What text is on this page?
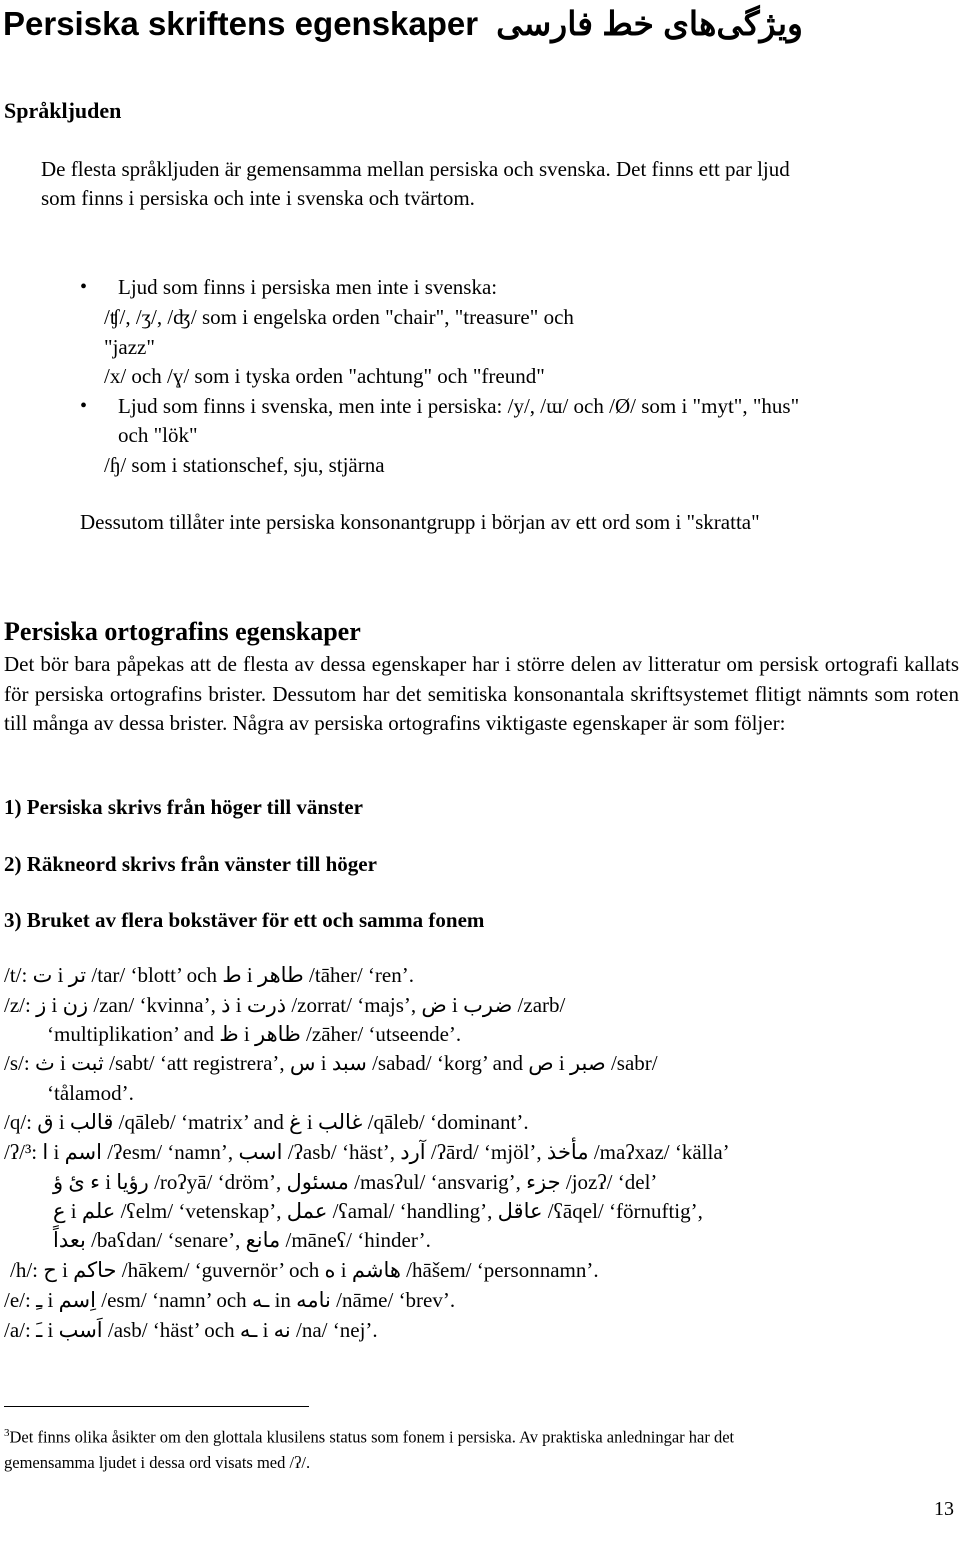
Persiska skriftens egenskaper ویژگی‌های خط فارسی
Språkljuden
De flesta språkljuden är gemensamma mellan persiska och svenska. Det finns ett par ljud
som finns i persiska och inte i svenska och tvärtom.
• Ljud som finns i persiska men inte i svenska:
/ʧ/, /ʒ/, /ʤ/ som i engelska orden "chair", "treasure" och
"jazz"
/x/ och /ɣ/ som i tyska orden "achtung" och "freund"
• Ljud som finns i svenska, men inte i persiska: /y/, /ɯ/ och /Ø/ som i "myt", "hus"
och "lök"
/ɧ/ som i stationschef, sju, stjärna
Dessutom tillåter inte persiska konsonantgrupp i början av ett ord som i "skratta"
Persiska ortografins egenskaper
Det bör bara påpekas att de flesta av dessa egenskaper har i större delen av litteratur om persisk ortografi kallats för persiska ortografins brister. Dessutom har det semitiska konsonantala skriftsystemet flitigt nämnts som roten till många av dessa brister. Några av persiska ortografins viktigaste egenskaper är som följer:
1) Persiska skrivs från höger till vänster
2) Räkneord skrivs från vänster till höger
3) Bruket av flera bokstäver för ett och samma fonem
/t/: ت i تر /tar/ ‘blott’ och ط i طاهر /tāher/ ‘ren’.
/z/: ز i زن /zan/ ‘kvinna’, ذ i ذرت /zorrat/ ‘majs’, ض i ضرب /zarb/
‘multiplikation’ and ظ i ظاهر /zāher/ ‘utseende’.
/s/: ث i ثبت /sabt/ ‘att registrera’, س i سبد /sabad/ ‘korg’ and ص i صبر /sabr/
‘tålamod’.
/q/: ق i قالب /qāleb/ ‘matrix’ and غ i غالب /qāleb/ ‘dominant’.
/ʔ/³: ا i اسم /ʔesm/ ‘namn’, اسب /ʔasb/ ‘häst’, آرد /ʔārd/ ‘mjöl’, مأخذ /maʔxaz/ ‘källa’
ء ئ ؤ i رؤیا /roʔyā/ ‘dröm’, مسئول /masʔul/ ‘ansvarig’, جزء /jozʔ/ ‘del’
ع i علم /ʕelm/ ‘vetenskap’, عمل /ʕamal/ ‘handling’, عاقل /ʕāqel/ ‘förnuftig’,
بعداً /baʕdan/ ‘senare’, مانع /māneʕ/ ‘hinder’.
/h/: ح i حاکم /hākem/ ‘guvernör’ och ه i هاشم /hāšem/ ‘personnamn’.
/e/: ـِ i اِسم /esm/ ‘namn’ och ـه in نامه /nāme/ ‘brev’.
/a/: ـَ i اَسب /asb/ ‘häst’ och ـه i نه /na/ ‘nej’.
$^3$Det finns olika åsikter om den glottala klusilens status som fonem i persiska. Av praktiska anledningar har det
gemensamma ljudet i dessa ord visats med /ʔ/.
13
